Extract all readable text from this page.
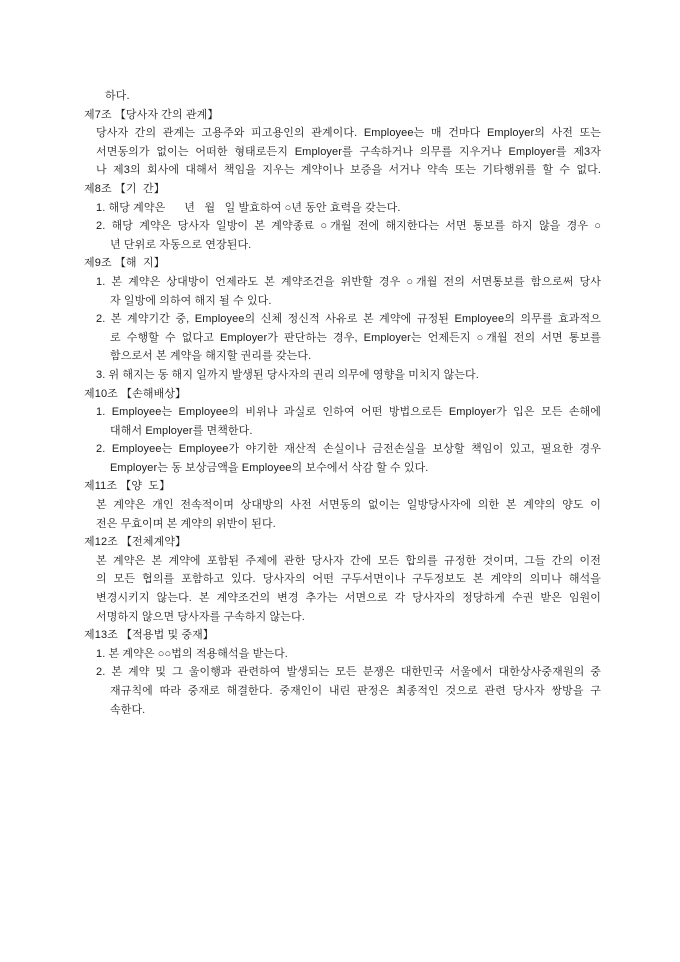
하다.
제7조 【당사자 간의 관계】
당사자 간의 관계는 고용주와 피고용인의 관계이다. Employee는 매 건마다 Employer의 사전 또는
서면동의가 없이는 어떠한 형태로든지 Employer를 구속하거나 의무를 지우거나 Employer를 제3자
나 제3의 회사에 대해서 책임을 지우는 계약이나 보증을 서거나 약속 또는 기타행위를 할 수 없다.
제8조 【기  간】
1. 해당 계약은      년   월   일 발효하여 ○년 동안 효력을 갖는다.
2. 해당 계약은 당사자 일방이 본 계약종료 ○개월 전에 해지한다는 서면 통보를 하지 않을 경우 ○
년 단위로 자동으로 연장된다.
제9조 【해  지】
1. 본 계약은 상대방이 언제라도 본 계약조건을 위반할 경우 ○개월 전의 서면통보를 함으로써 당사
자 일방에 의하여 해지 될 수 있다.
2. 본 계약기간 중, Employee의 신체 정신적 사유로 본 계약에 규정된 Employee의 의무를 효과적으
로 수행할 수 없다고 Employer가 판단하는 경우, Employer는 언제든지 ○개월 전의 서면 통보를
함으로서 본 계약을 해지할 권리를 갖는다.
3. 위 해지는 동 해지 일까지 발생된 당사자의 권리 의무에 영향을 미치지 않는다.
제10조 【손해배상】
1. Employee는 Employee의 비위나 과실로 인하여 어떤 방법으로든 Employer가 입은 모든 손해에
대해서 Employer를 면책한다.
2. Employee는 Employee가 야기한 재산적 손실이나 금전손실을 보상할 책임이 있고, 필요한 경우
Employer는 동 보상금액을 Employee의 보수에서 삭감 할 수 있다.
제11조 【양  도】
본 계약은 개인 전속적이며 상대방의 사전 서면동의 없이는 일방당사자에 의한 본 계약의 양도 이
전은 무효이며 본 계약의 위반이 된다.
제12조 【전체계약】
본 계약은 본 계약에 포함된 주제에 관한 당사자 간에 모든 합의를 규정한 것이며, 그들 간의 이전
의 모든 협의를 포함하고 있다. 당사자의 어떤 구두서면이나 구두정보도 본 계약의 의미나 해석을
변경시키지 않는다. 본 계약조건의 변경 추가는 서면으로 각 당사자의 정당하게 수권 받은 임원이
서명하지 않으면 당사자를 구속하지 않는다.
제13조 【적용법 및 중재】
1. 본 계약은 ○○법의 적용해석을 받는다.
2. 본 계약 및 그 울이행과 관련하여 발생되는 모든 분쟁은 대한민국 서울에서 대한상사중재원의 중
재규칙에 따라 중재로 해결한다. 중재인이 내린 판정은 최종적인 것으로 관련 당사자 쌍방을 구
속한다.
